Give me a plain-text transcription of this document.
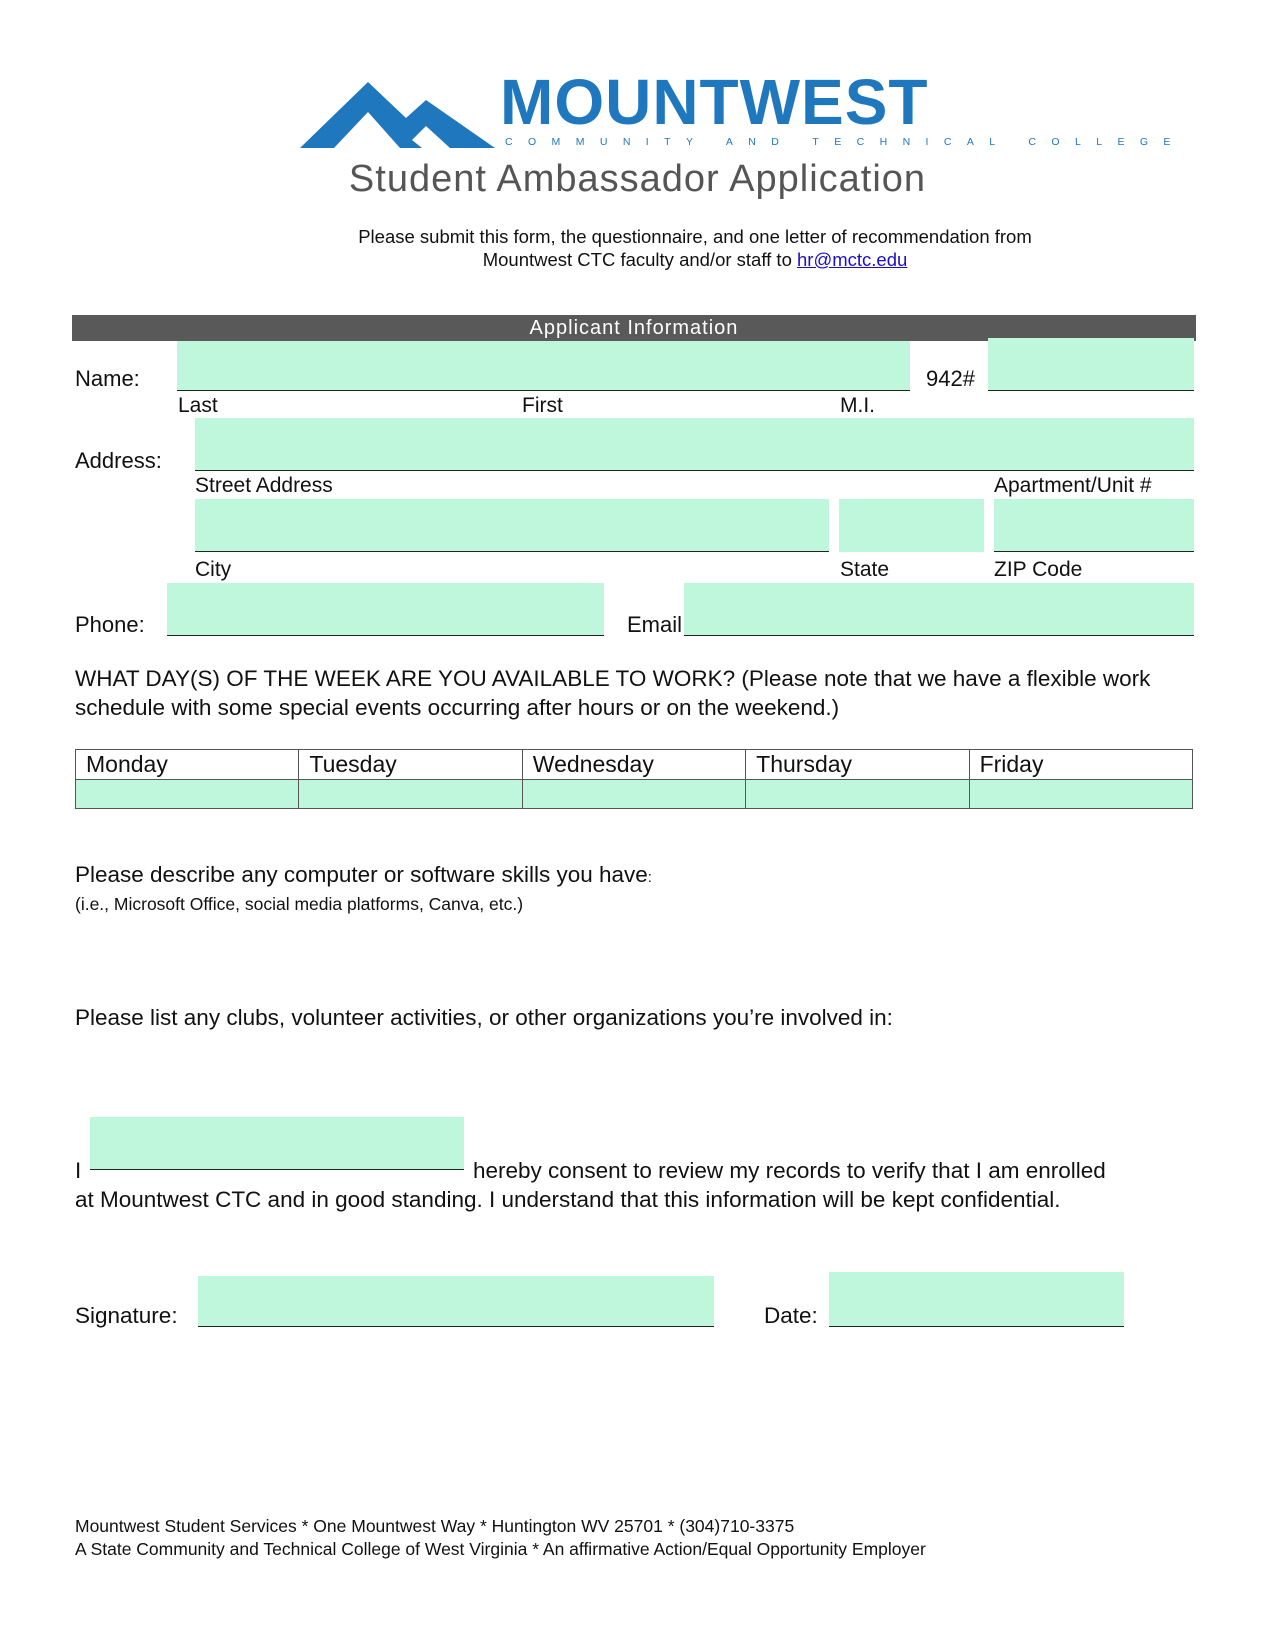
MOUNTWEST
COMMUNITY AND TECHNICAL COLLEGE
Student Ambassador Application
Please submit this form, the questionnaire, and one letter of recommendation from
Mountwest CTC faculty and/or staff to hr@mctc.edu
Applicant Information
Name:	942#
Last	First	M.I.
Address:
Street Address	Apartment/Unit #
City	State	ZIP Code
Phone:	Email
WHAT DAY(S) OF THE WEEK ARE YOU AVAILABLE TO WORK? (Please note that we have a flexible work schedule with some special events occurring after hours or on the weekend.)
Monday	Tuesday	Wednesday	Thursday	Friday

Please describe any computer or software skills you have:
(i.e., Microsoft Office, social media platforms, Canva, etc.)
Please list any clubs, volunteer activities, or other organizations you’re involved in:
I	hereby consent to review my records to verify that I am enrolled
at Mountwest CTC and in good standing. I understand that this information will be kept confidential.
Signature:	Date:
Mountwest Student Services * One Mountwest Way * Huntington WV 25701 * (304)710-3375
A State Community and Technical College of West Virginia * An affirmative Action/Equal Opportunity Employer
